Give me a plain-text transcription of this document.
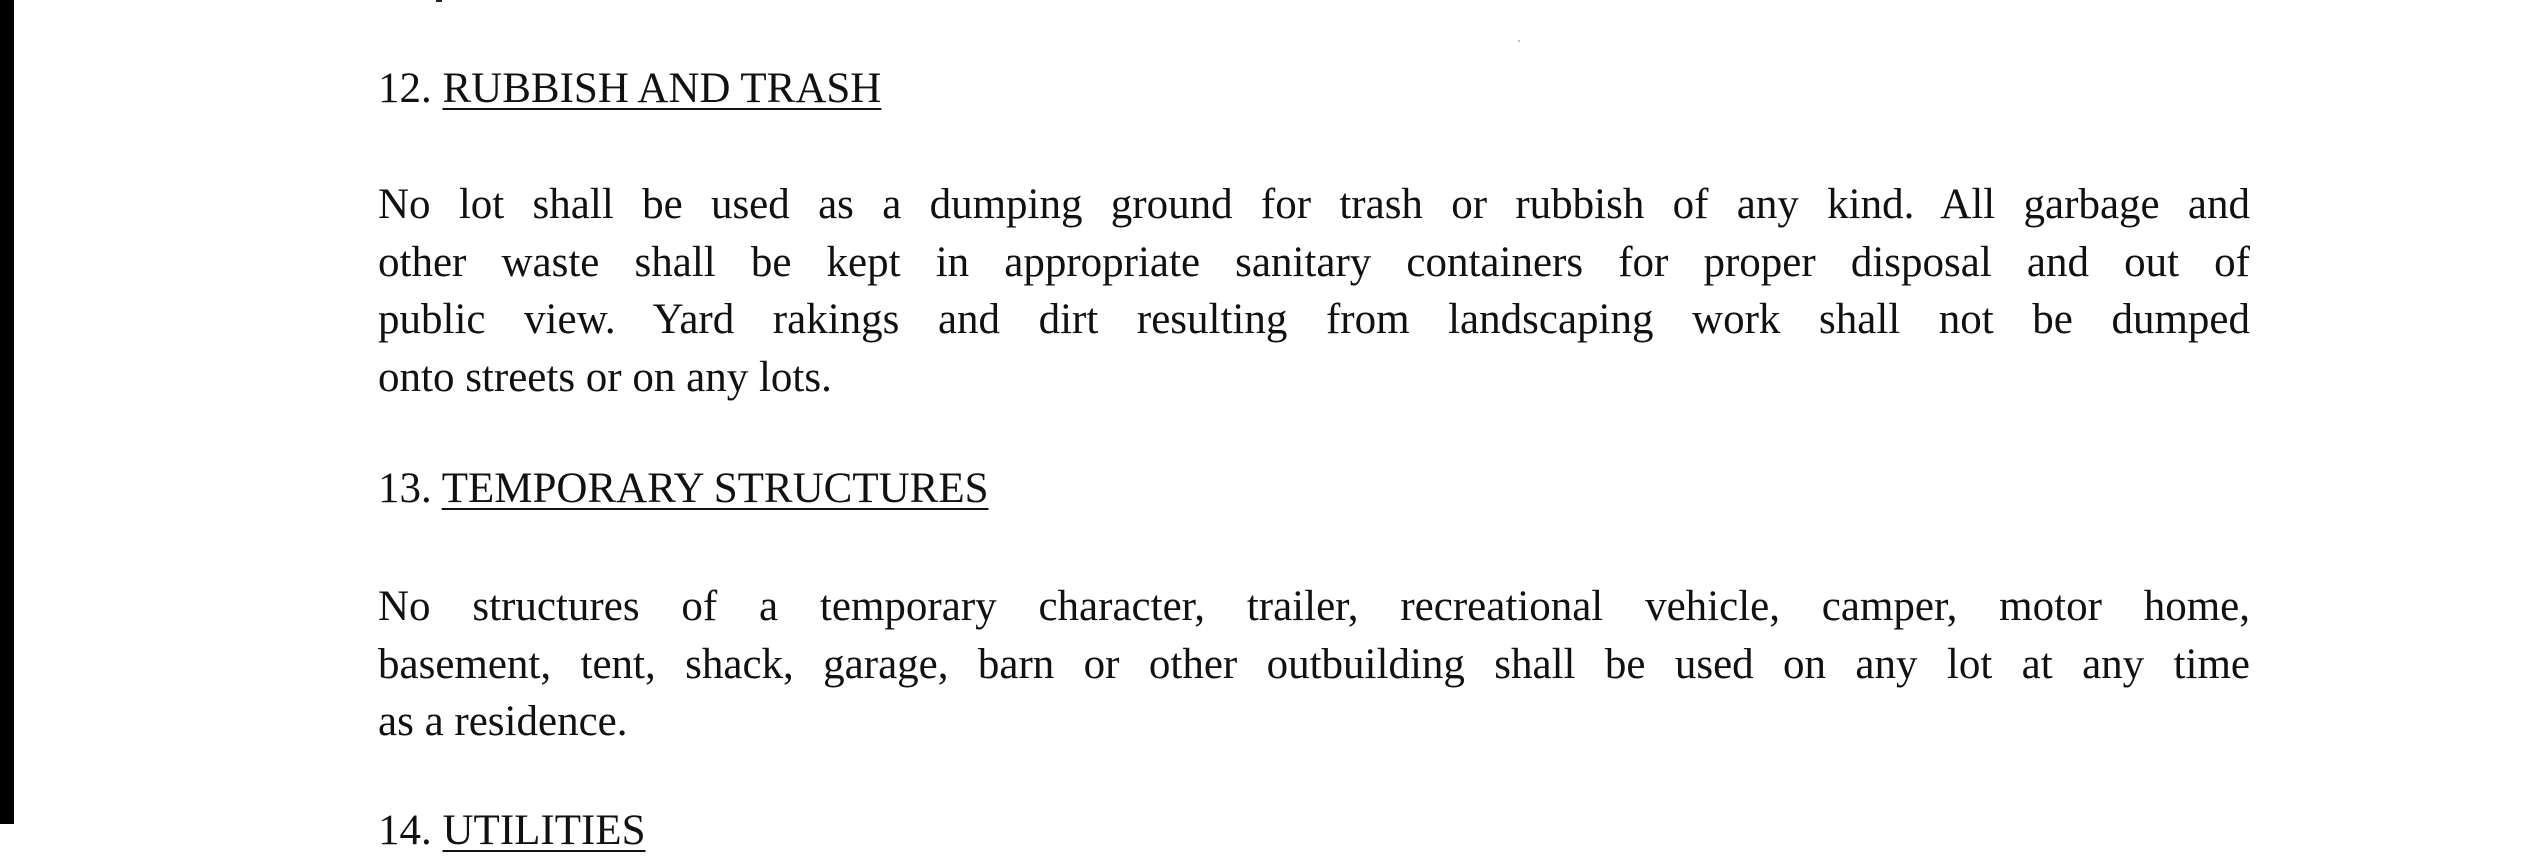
12. RUBBISH AND TRASH

No lot shall be used as a dumping ground for trash or rubbish of any kind. All garbage and
other waste shall be kept in appropriate sanitary containers for proper disposal and out of
public view. Yard rakings and dirt resulting from landscaping work shall not be dumped
onto streets or on any lots.

13. TEMPORARY STRUCTURES

No structures of a temporary character, trailer, recreational vehicle, camper, motor home,
basement, tent, shack, garage, barn or other outbuilding shall be used on any lot at any time
as a residence.

14. UTILITIES
